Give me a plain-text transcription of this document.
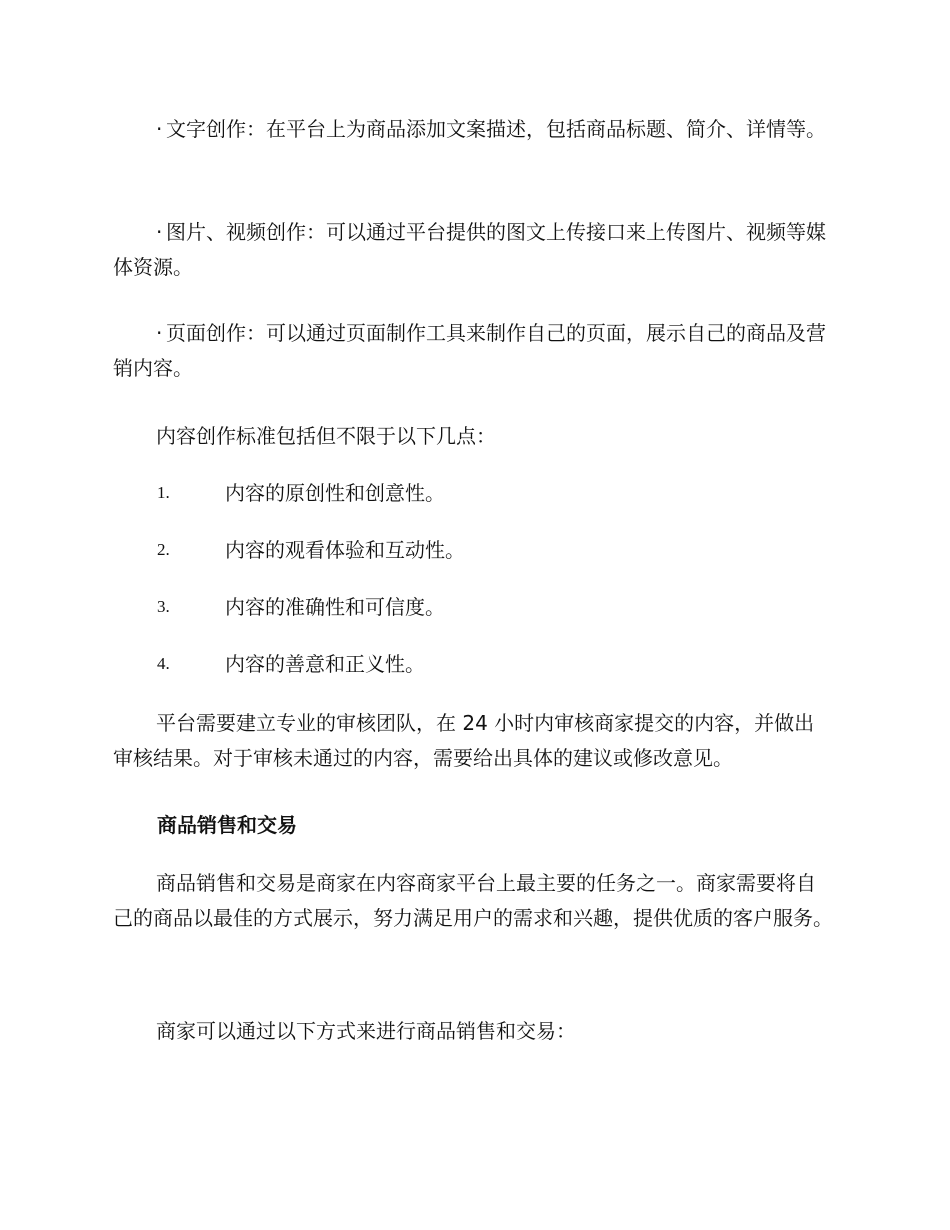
· 文字创作：在平台上为商品添加文案描述，包括商品标题、简介、详情等。

· 图片、视频创作：可以通过平台提供的图文上传接口来上传图片、视频等媒体资源。

· 页面创作：可以通过页面制作工具来制作自己的页面，展示自己的商品及营销内容。

内容创作标准包括但不限于以下几点：

1.	内容的原创性和创意性。
2.	内容的观看体验和互动性。
3.	内容的准确性和可信度。
4.	内容的善意和正义性。

平台需要建立专业的审核团队，在 24 小时内审核商家提交的内容，并做出审核结果。对于审核未通过的内容，需要给出具体的建议或修改意见。

商品销售和交易

商品销售和交易是商家在内容商家平台上最主要的任务之一。商家需要将自己的商品以最佳的方式展示，努力满足用户的需求和兴趣，提供优质的客户服务。

商家可以通过以下方式来进行商品销售和交易：
